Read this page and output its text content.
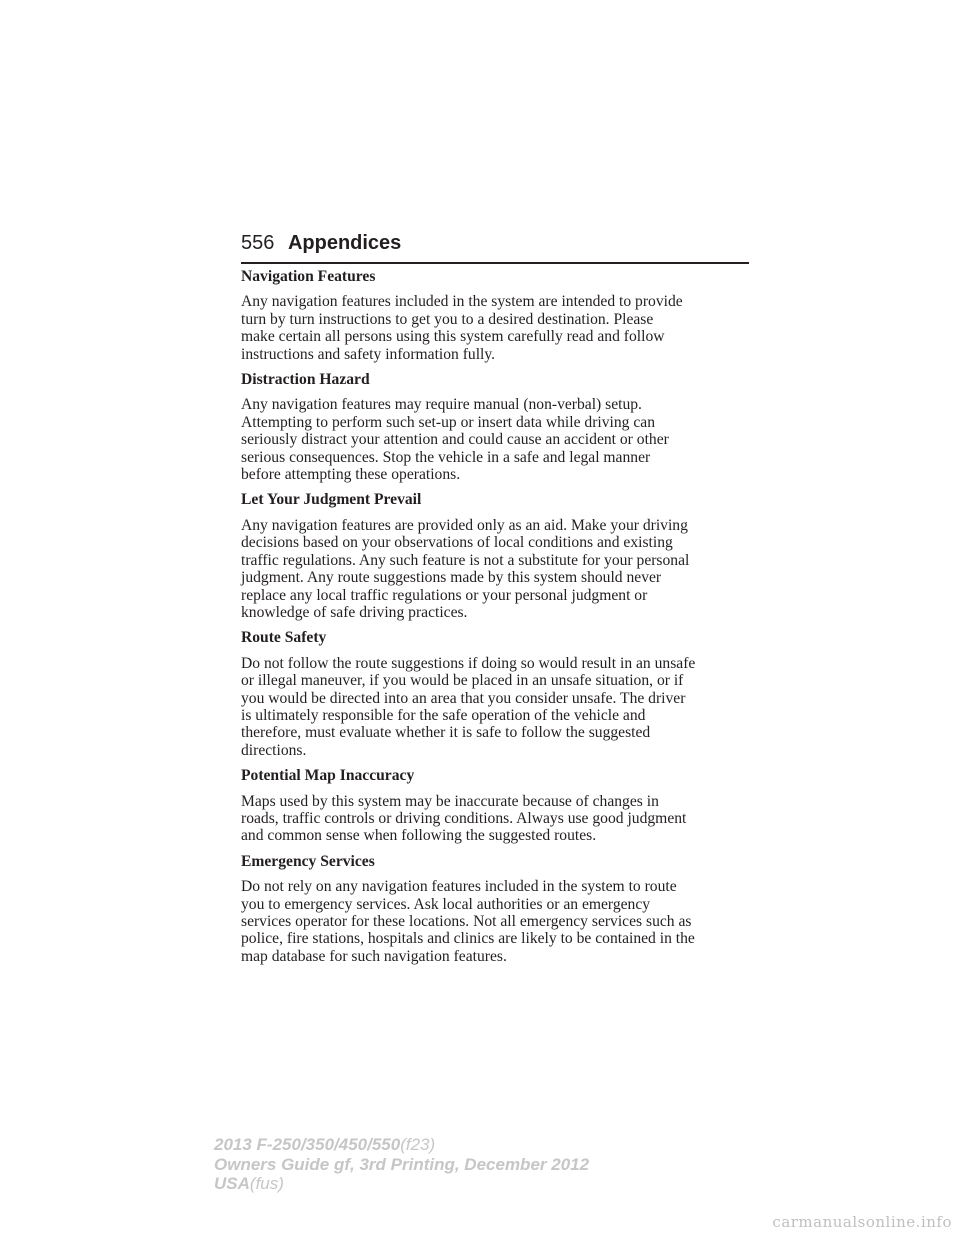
556 Appendices
Navigation Features

Any navigation features included in the system are intended to provide
turn by turn instructions to get you to a desired destination. Please
make certain all persons using this system carefully read and follow
instructions and safety information fully.

Distraction Hazard

Any navigation features may require manual (non-verbal) setup.
Attempting to perform such set-up or insert data while driving can
seriously distract your attention and could cause an accident or other
serious consequences. Stop the vehicle in a safe and legal manner
before attempting these operations.

Let Your Judgment Prevail

Any navigation features are provided only as an aid. Make your driving
decisions based on your observations of local conditions and existing
traffic regulations. Any such feature is not a substitute for your personal
judgment. Any route suggestions made by this system should never
replace any local traffic regulations or your personal judgment or
knowledge of safe driving practices.

Route Safety

Do not follow the route suggestions if doing so would result in an unsafe
or illegal maneuver, if you would be placed in an unsafe situation, or if
you would be directed into an area that you consider unsafe. The driver
is ultimately responsible for the safe operation of the vehicle and
therefore, must evaluate whether it is safe to follow the suggested
directions.

Potential Map Inaccuracy

Maps used by this system may be inaccurate because of changes in
roads, traffic controls or driving conditions. Always use good judgment
and common sense when following the suggested routes.

Emergency Services

Do not rely on any navigation features included in the system to route
you to emergency services. Ask local authorities or an emergency
services operator for these locations. Not all emergency services such as
police, fire stations, hospitals and clinics are likely to be contained in the
map database for such navigation features.

2013 F-250/350/450/550(f23)
Owners Guide gf, 3rd Printing, December 2012
USA(fus)
carmanualsonline.info
